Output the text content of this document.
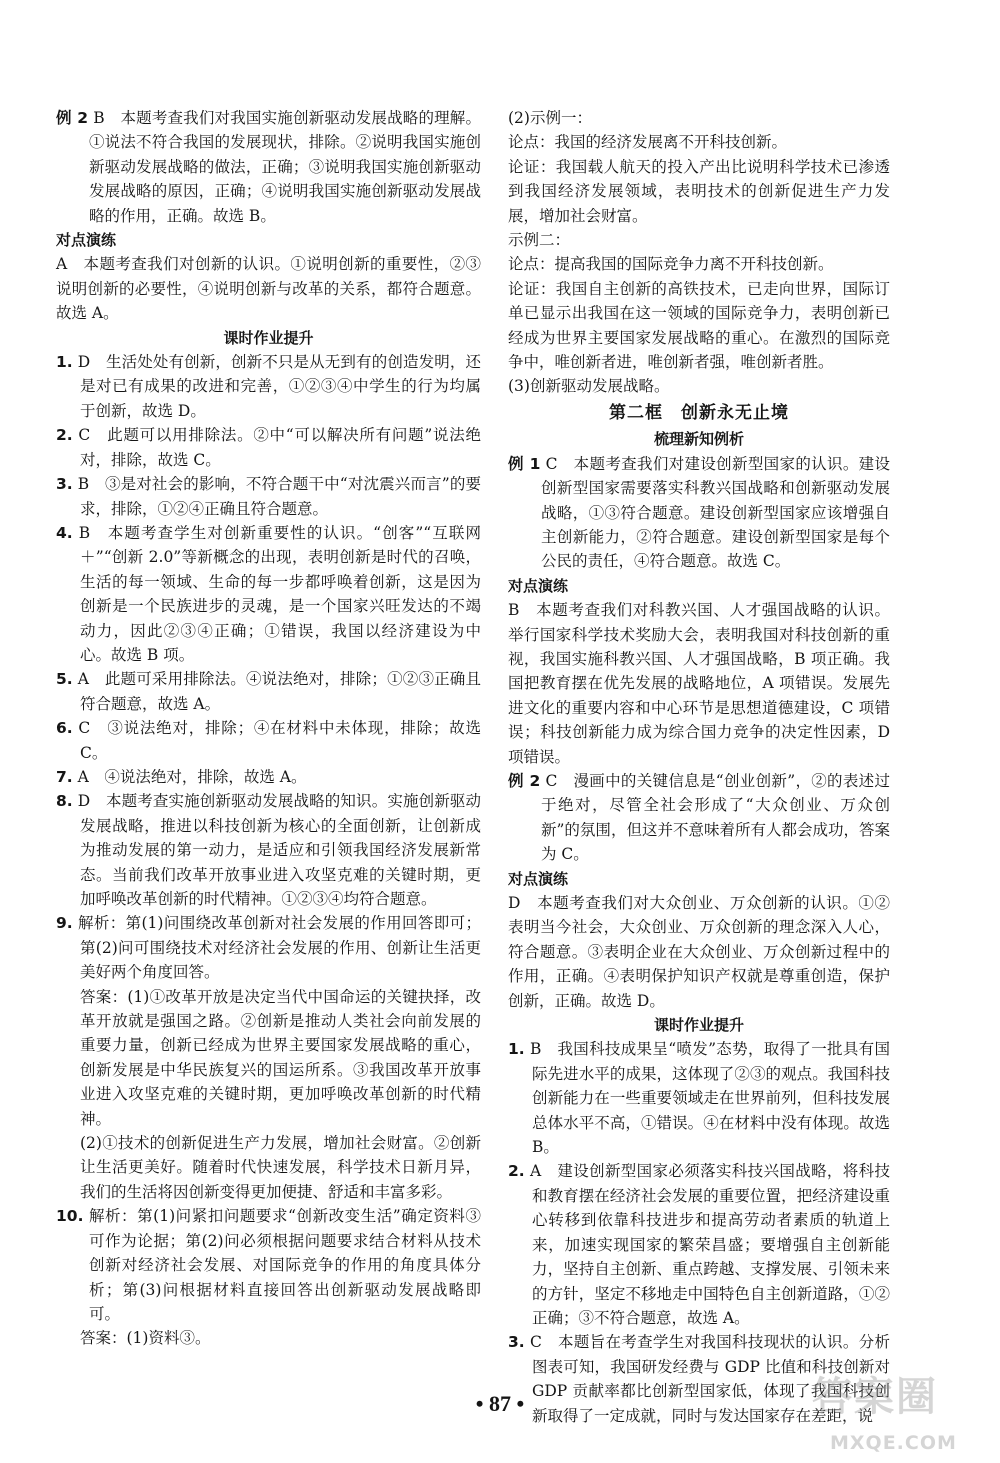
例 2 B　本题考查我们对我国实施创新驱动发展战略的理解。①说法不符合我国的发展现状，排除。②说明我国实施创新驱动发展战略的做法，正确；③说明我国实施创新驱动发展战略的原因，正确；④说明我国实施创新驱动发展战略的作用，正确。故选 B。

对点演练

A　本题考查我们对创新的认识。①说明创新的重要性，②③说明创新的必要性，④说明创新与改革的关系，都符合题意。故选 A。

课时作业提升

1. D　生活处处有创新，创新不只是从无到有的创造发明，还是对已有成果的改进和完善，①②③④中学生的行为均属于创新，故选 D。

2. C　此题可以用排除法。②中“可以解决所有问题”说法绝对，排除，故选 C。

3. B　③是对社会的影响，不符合题干中“对沈震兴而言”的要求，排除，①②④正确且符合题意。

4. B　本题考查学生对创新重要性的认识。“创客”“互联网＋”“创新 2.0”等新概念的出现，表明创新是时代的召唤，生活的每一领域、生命的每一步都呼唤着创新，这是因为创新是一个民族进步的灵魂，是一个国家兴旺发达的不竭动力，因此②③④正确；①错误，我国以经济建设为中心。故选 B 项。

5. A　此题可采用排除法。④说法绝对，排除；①②③正确且符合题意，故选 A。

6. C　③说法绝对，排除；④在材料中未体现，排除；故选 C。

7. A　④说法绝对，排除，故选 A。

8. D　本题考查实施创新驱动发展战略的知识。实施创新驱动发展战略，推进以科技创新为核心的全面创新，让创新成为推动发展的第一动力，是适应和引领我国经济发展新常态。当前我们改革开放事业进入攻坚克难的关键时期，更加呼唤改革创新的时代精神。①②③④均符合题意。

9. 解析：第(1)问围绕改革创新对社会发展的作用回答即可；第(2)问可围绕技术对经济社会发展的作用、创新让生活更美好两个角度回答。

答案：(1)①改革开放是决定当代中国命运的关键抉择，改革开放就是强国之路。②创新是推动人类社会向前发展的重要力量，创新已经成为世界主要国家发展战略的重心，创新发展是中华民族复兴的国运所系。③我国改革开放事业进入攻坚克难的关键时期，更加呼唤改革创新的时代精神。

(2)①技术的创新促进生产力发展，增加社会财富。②创新让生活更美好。随着时代快速发展，科学技术日新月异，我们的生活将因创新变得更加便捷、舒适和丰富多彩。

10. 解析：第(1)问紧扣问题要求“创新改变生活”确定资料③可作为论据；第(2)问必须根据问题要求结合材料从技术创新对经济社会发展、对国际竞争的作用的角度具体分析；第(3)问根据材料直接回答出创新驱动发展战略即可。

答案：(1)资料③。

(2)示例一：

论点：我国的经济发展离不开科技创新。

论证：我国载人航天的投入产出比说明科学技术已渗透到我国经济发展领域，表明技术的创新促进生产力发展，增加社会财富。

示例二：

论点：提高我国的国际竞争力离不开科技创新。

论证：我国自主创新的高铁技术，已走向世界，国际订单已显示出我国在这一领域的国际竞争力，表明创新已经成为世界主要国家发展战略的重心。在激烈的国际竞争中，唯创新者进，唯创新者强，唯创新者胜。

(3)创新驱动发展战略。

第二框　创新永无止境

梳理新知例析

例 1 C　本题考查我们对建设创新型国家的认识。建设创新型国家需要落实科教兴国战略和创新驱动发展战略，①③符合题意。建设创新型国家应该增强自主创新能力，②符合题意。建设创新型国家是每个公民的责任，④符合题意。故选 C。

对点演练

B　本题考查我们对科教兴国、人才强国战略的认识。举行国家科学技术奖励大会，表明我国对科技创新的重视，我国实施科教兴国、人才强国战略，B 项正确。我国把教育摆在优先发展的战略地位，A 项错误。发展先进文化的重要内容和中心环节是思想道德建设，C 项错误；科技创新能力成为综合国力竞争的决定性因素，D 项错误。

例 2 C　漫画中的关键信息是“创业创新”，②的表述过于绝对，尽管全社会形成了“大众创业、万众创新”的氛围，但这并不意味着所有人都会成功，答案为 C。

对点演练

D　本题考查我们对大众创业、万众创新的认识。①②表明当今社会，大众创业、万众创新的理念深入人心，符合题意。③表明企业在大众创业、万众创新过程中的作用，正确。④表明保护知识产权就是尊重创造，保护创新，正确。故选 D。

课时作业提升

1. B　我国科技成果呈“喷发”态势，取得了一批具有国际先进水平的成果，这体现了②③的观点。我国科技创新能力在一些重要领域走在世界前列，但科技发展总体水平不高，①错误。④在材料中没有体现。故选 B。

2. A　建设创新型国家必须落实科技兴国战略，将科技和教育摆在经济社会发展的重要位置，把经济建设重心转移到依靠科技进步和提高劳动者素质的轨道上来，加速实现国家的繁荣昌盛；要增强自主创新能力，坚持自主创新、重点跨越、支撑发展、引领未来的方针，坚定不移地走中国特色自主创新道路，①②正确；③不符合题意，故选 A。

3. C　本题旨在考查学生对我国科技现状的认识。分析图表可知，我国研发经费与 GDP 比值和科技创新对 GDP 贡献率都比创新型国家低，体现了我国科技创新取得了一定成就，同时与发达国家存在差距，说

• 87 •	答案圈
MXQE.COM
